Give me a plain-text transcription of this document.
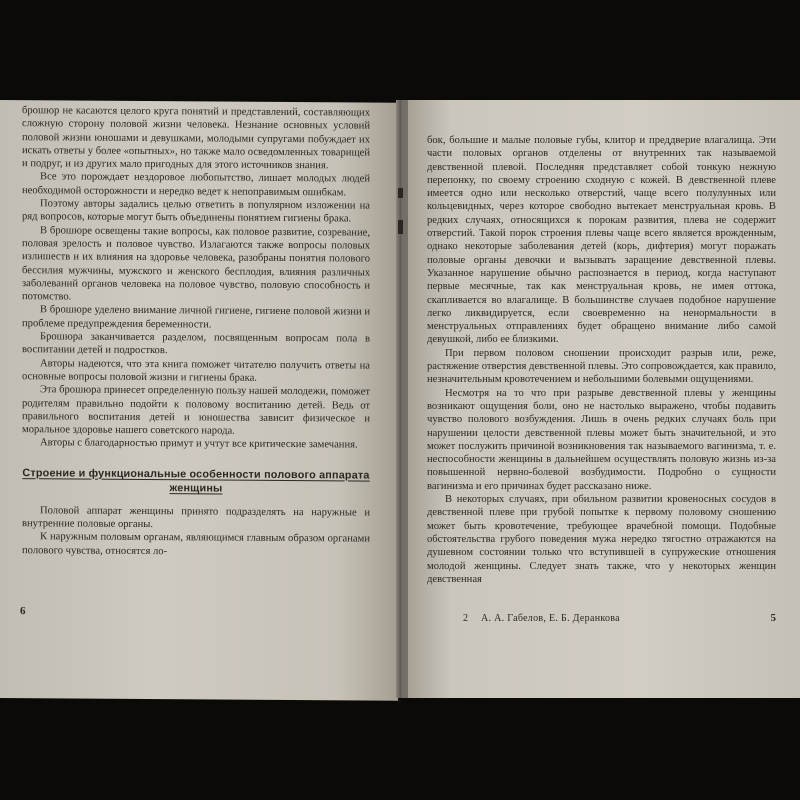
брошюр не касаются целого круга понятий и представлений, составляющих сложную сторону половой жизни человека. Незнание основных условий половой жизни юношами и девушками, молодыми супругами побуждает их искать ответы у более «опытных», но также мало осведомленных товарищей и подруг, и из других мало пригодных для этого источников знания.

Все это порождает нездоровое любопытство, лишает молодых людей необходимой осторожности и нередко ведет к непоправимым ошибкам.

Поэтому авторы задались целью ответить в популярном изложении на ряд вопросов, которые могут быть объединены понятием гигиены брака.

В брошюре освещены такие вопросы, как половое развитие, созревание, половая зрелость и половое чувство. Излагаются также вопросы половых излишеств и их влияния на здоровье человека, разобраны понятия полового бессилия мужчины, мужского и женского бесплодия, влияния различных заболеваний органов человека на половое чувство, половую способность и потомство.

В брошюре уделено внимание личной гигиене, гигиене половой жизни и проблеме предупреждения беременности.

Брошюра заканчивается разделом, посвященным вопросам пола в воспитании детей и подростков.

Авторы надеются, что эта книга поможет читателю получить ответы на основные вопросы половой жизни и гигиены брака.

Эта брошюра принесет определенную пользу нашей молодежи, поможет родителям правильно подойти к половому воспитанию детей. Ведь от правильного воспитания детей и юношества зависит физическое и моральное здоровье нашего советского народа.

Авторы с благодарностью примут и учтут все критические замечания.

Строение и функциональные особенности полового аппарата женщины

Половой аппарат женщины принято подразделять на наружные и внутренние половые органы.

К наружным половым органам, являющимся главным образом органами полового чувства, относятся ло-

6

бок, большие и малые половые губы, клитор и преддверие влагалища. Эти части половых органов отделены от внутренних так называемой девственной плевой. Последняя представляет собой тонкую нежную перепонку, по своему строению сходную с кожей. В девственной плеве имеется одно или несколько отверстий, чаще всего полулунных или кольцевидных, через которое свободно вытекает менструальная кровь. В редких случаях, относящихся к порокам развития, плева не содержит отверстий. Такой порок строения плевы чаще всего является врожденным, однако некоторые заболевания детей (корь, дифтерия) могут поражать половые органы девочки и вызывать заращение девственной плевы. Указанное нарушение обычно распознается в период, когда наступают первые месячные, так как менструальная кровь, не имея оттока, скапливается во влагалище. В большинстве случаев подобное нарушение легко ликвидируется, если своевременно на ненормальности в менструальных отправлениях будет обращено внимание либо самой девушкой, либо ее близкими.

При первом половом сношении происходит разрыв или, реже, растяжение отверстия девственной плевы. Это сопровождается, как правило, незначительным кровотечением и небольшими болевыми ощущениями.

Несмотря на то что при разрыве девственной плевы у женщины возникают ощущения боли, оно не настолько выражено, чтобы подавить чувство полового возбуждения. Лишь в очень редких случаях боль при нарушении целости девственной плевы может быть значительной, и это может послужить причиной возникновения так называемого вагинизма, т. е. неспособности женщины в дальнейшем осуществлять половую жизнь из-за повышенной нервно-болевой возбудимости. Подробно о сущности вагинизма и его причинах будет рассказано ниже.

В некоторых случаях, при обильном развитии кровеносных сосудов в девственной плеве при грубой попытке к первому половому сношению может быть кровотечение, требующее врачебной помощи. Подобные обстоятельства грубого поведения мужа нередко тягостно отражаются на душевном состоянии только что вступившей в супружеские отношения молодой женщины. Следует знать также, что у некоторых женщин девственная

2 А. А. Габелов, Е. Б. Деранкова	5
